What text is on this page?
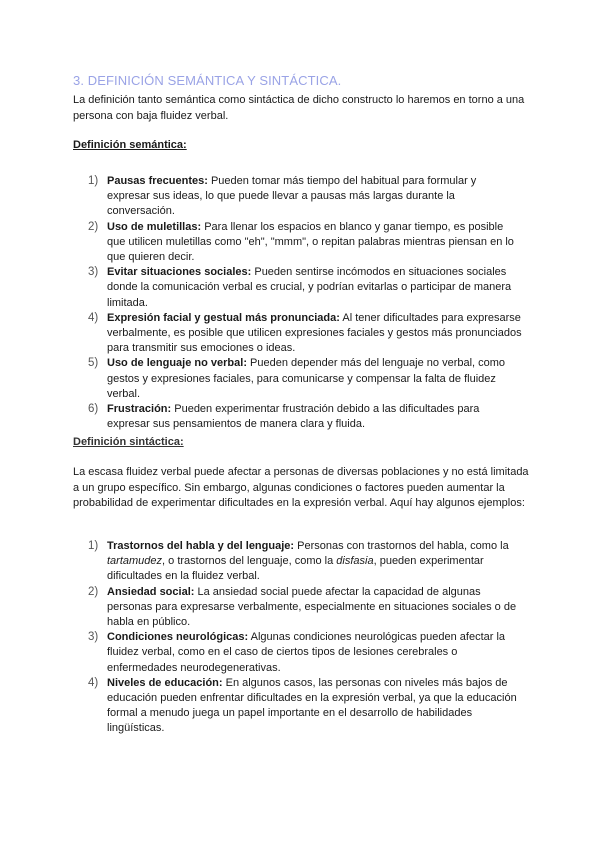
3. DEFINICIÓN SEMÁNTICA Y SINTÁCTICA.
La definición tanto semántica como sintáctica de dicho constructo lo haremos en torno a una persona con baja fluidez verbal.
Definición semántica:
1) Pausas frecuentes: Pueden tomar más tiempo del habitual para formular y expresar sus ideas, lo que puede llevar a pausas más largas durante la conversación.
2) Uso de muletillas: Para llenar los espacios en blanco y ganar tiempo, es posible que utilicen muletillas como "eh", "mmm", o repitan palabras mientras piensan en lo que quieren decir.
3) Evitar situaciones sociales: Pueden sentirse incómodos en situaciones sociales donde la comunicación verbal es crucial, y podrían evitarlas o participar de manera limitada.
4) Expresión facial y gestual más pronunciada: Al tener dificultades para expresarse verbalmente, es posible que utilicen expresiones faciales y gestos más pronunciados para transmitir sus emociones o ideas.
5) Uso de lenguaje no verbal: Pueden depender más del lenguaje no verbal, como gestos y expresiones faciales, para comunicarse y compensar la falta de fluidez verbal.
6) Frustración: Pueden experimentar frustración debido a las dificultades para expresar sus pensamientos de manera clara y fluida.
Definición sintáctica:
La escasa fluidez verbal puede afectar a personas de diversas poblaciones y no está limitada a un grupo específico. Sin embargo, algunas condiciones o factores pueden aumentar la probabilidad de experimentar dificultades en la expresión verbal. Aquí hay algunos ejemplos:
1) Trastornos del habla y del lenguaje: Personas con trastornos del habla, como la tartamudez, o trastornos del lenguaje, como la disfasia, pueden experimentar dificultades en la fluidez verbal.
2) Ansiedad social: La ansiedad social puede afectar la capacidad de algunas personas para expresarse verbalmente, especialmente en situaciones sociales o de habla en público.
3) Condiciones neurológicas: Algunas condiciones neurológicas pueden afectar la fluidez verbal, como en el caso de ciertos tipos de lesiones cerebrales o enfermedades neurodegenerativas.
4) Niveles de educación: En algunos casos, las personas con niveles más bajos de educación pueden enfrentar dificultades en la expresión verbal, ya que la educación formal a menudo juega un papel importante en el desarrollo de habilidades lingüísticas.
